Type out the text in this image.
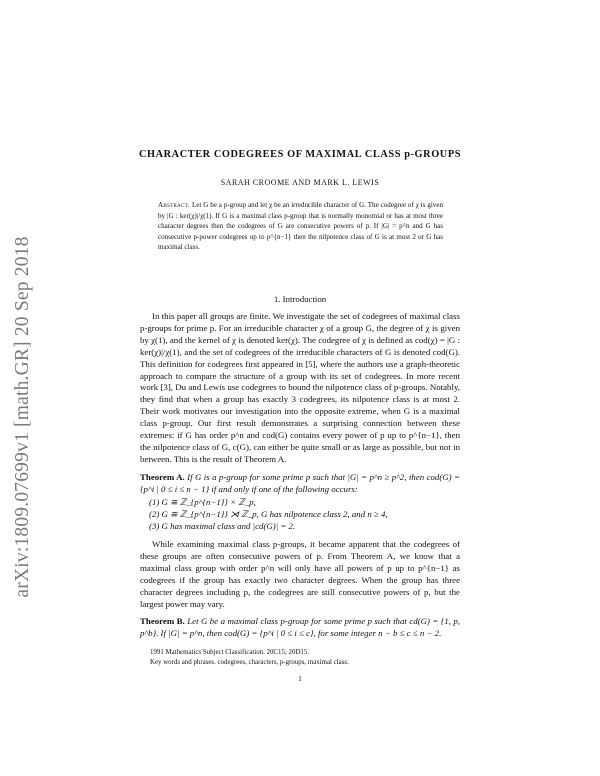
arXiv:1809.07699v1 [math.GR] 20 Sep 2018
CHARACTER CODEGREES OF MAXIMAL CLASS p-GROUPS
SARAH CROOME AND MARK L. LEWIS
Abstract. Let G be a p-group and let χ be an irreducible character of G. The codegree of χ is given by |G : ker(χ)|/χ(1). If G is a maximal class p-group that is normally monomial or has at most three character degrees then the codegrees of G are consecutive powers of p. If |G| = p^n and G has consecutive p-power codegrees up to p^{n−1} then the nilpotence class of G is at most 2 or G has maximal class.
1. Introduction
In this paper all groups are finite. We investigate the set of codegrees of maximal class p-groups for prime p. For an irreducible character χ of a group G, the degree of χ is given by χ(1), and the kernel of χ is denoted ker(χ). The codegree of χ is defined as cod(χ) = |G : ker(χ)|/χ(1), and the set of codegrees of the irreducible characters of G is denoted cod(G). This definition for codegrees first appeared in [5], where the authors use a graph-theoretic approach to compare the structure of a group with its set of codegrees. In more recent work [3], Du and Lewis use codegrees to bound the nilpotence class of p-groups. Notably, they find that when a group has exactly 3 codegrees, its nilpotence class is at most 2. Their work motivates our investigation into the opposite extreme, when G is a maximal class p-group. Our first result demonstrates a surprising connection between these extremes: if G has order p^n and cod(G) contains every power of p up to p^{n−1}, then the nilpotence class of G, c(G), can either be quite small or as large as possible, but not in between. This is the result of Theorem A.
Theorem A. If G is a p-group for some prime p such that |G| = p^n ≥ p^2, then cod(G) = {p^i | 0 ≤ i ≤ n − 1} if and only if one of the following occurs:
(1) G ≅ ℤ_{p^{n−1}} × ℤ_p,
(2) G ≅ ℤ_{p^{n−1}} ⋊ ℤ_p, G has nilpotence class 2, and n ≥ 4,
(3) G has maximal class and |cd(G)| = 2.
While examining maximal class p-groups, it became apparent that the codegrees of these groups are often consecutive powers of p. From Theorem A, we know that a maximal class group with order p^n will only have all powers of p up to p^{n−1} as codegrees if the group has exactly two character degrees. When the group has three character degrees including p, the codegrees are still consecutive powers of p, but the largest power may vary.
Theorem B. Let G be a maximal class p-group for some prime p such that cd(G) = {1, p, p^b}. If |G| = p^n, then cod(G) = {p^i | 0 ≤ i ≤ c}, for some integer n − b ≤ c ≤ n − 2.
1991 Mathematics Subject Classification. 20C15; 20D15.
Key words and phrases. codegrees, characters, p-groups, maximal class.
1
